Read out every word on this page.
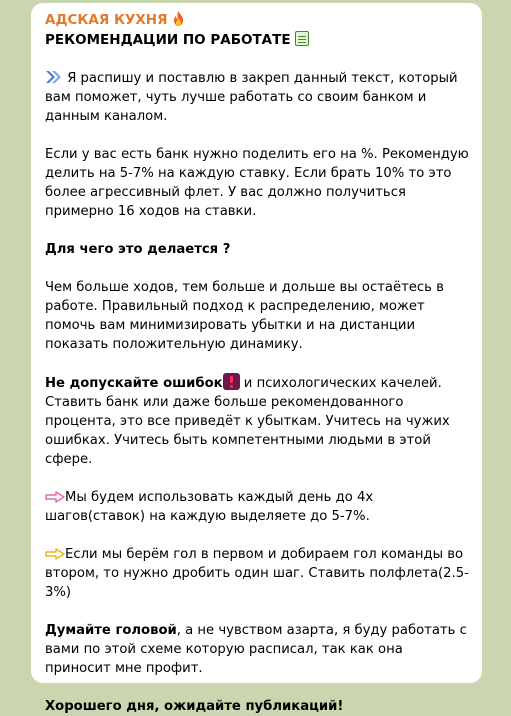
АДСКАЯ КУХНЯ
РЕКОМЕНДАЦИИ ПО РАБОТАТЕ

Я распишу и поставлю в закреп данный текст, который вам поможет, чуть лучше работать со своим банком и данным каналом.

Если у вас есть банк нужно поделить его на %. Рекомендую делить на 5-7% на каждую ставку. Если брать 10% то это более агрессивный флет. У вас должно получиться примерно 16 ходов на ставки.

Для чего это делается ?

Чем больше ходов, тем больше и дольше вы остаётесь в работе. Правильный подход к распределению, может помочь вам минимизировать убытки и на дистанции показать положительную динамику.

Не допускайте ошибок и психологических качелей. Ставить банк или даже больше рекомендованного процента, это все приведёт к убыткам. Учитесь на чужих ошибках. Учитесь быть компетентными людьми в этой сфере.

Мы будем использовать каждый день до 4х шагов(ставок) на каждую выделяете до 5-7%.

Если мы берём гол в первом и добираем гол команды во втором, то нужно дробить один шаг. Ставить полфлета(2.5-3%)

Думайте головой, а не чувством азарта, я буду работать с вами по этой схеме которую расписал, так как она приносит мне профит.

Хорошего дня, ожидайте публикаций!
